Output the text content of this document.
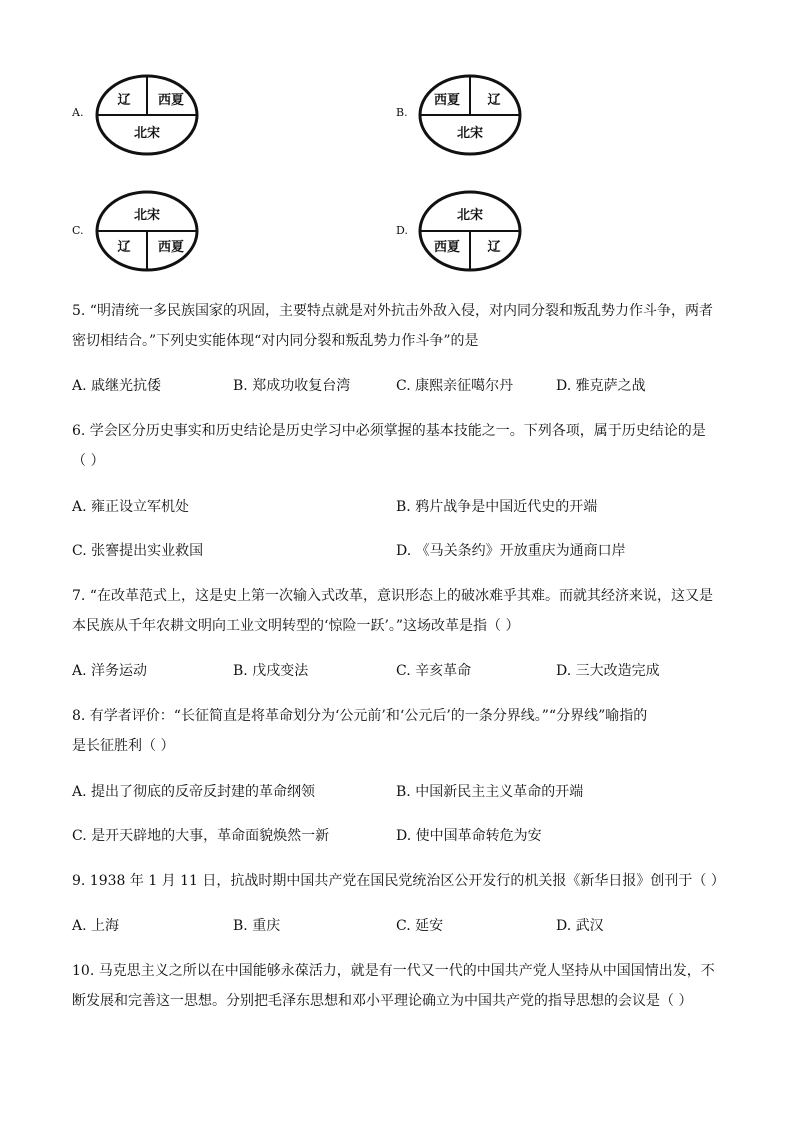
A.
辽 西夏
北宋
B.
西夏 辽
北宋
C.
北宋
辽 西夏
D.
北宋
西夏 辽
5. “明清统一多民族国家的巩固，主要特点就是对外抗击外敌入侵，对内同分裂和叛乱势力作斗争，两者
密切相结合。”下列史实能体现“对内同分裂和叛乱势力作斗争”的是
A. 戚继光抗倭	B. 郑成功收复台湾	C. 康熙亲征噶尔丹	D. 雅克萨之战
6. 学会区分历史事实和历史结论是历史学习中必须掌握的基本技能之一。下列各项，属于历史结论的是
（ ）
A. 雍正设立军机处	B. 鸦片战争是中国近代史的开端
C. 张謇提出实业救国	D. 《马关条约》开放重庆为通商口岸
7. “在改革范式上，这是史上第一次输入式改革，意识形态上的破冰难乎其难。而就其经济来说，这又是
本民族从千年农耕文明向工业文明转型的‘惊险一跃’。”这场改革是指（ ）
A. 洋务运动	B. 戊戌变法	C. 辛亥革命	D. 三大改造完成
8. 有学者评价：“长征简直是将革命划分为‘公元前’和‘公元后’的一条分界线。”“分界线”喻指的
是长征胜利（ ）
A. 提出了彻底的反帝反封建的革命纲领	B. 中国新民主主义革命的开端
C. 是开天辟地的大事，革命面貌焕然一新	D. 使中国革命转危为安
9. 1938 年 1 月 11 日，抗战时期中国共产党在国民党统治区公开发行的机关报《新华日报》创刊于（ ）
A. 上海	B. 重庆	C. 延安	D. 武汉
10. 马克思主义之所以在中国能够永葆活力，就是有一代又一代的中国共产党人坚持从中国国情出发，不
断发展和完善这一思想。分别把毛泽东思想和邓小平理论确立为中国共产党的指导思想的会议是（ ）
